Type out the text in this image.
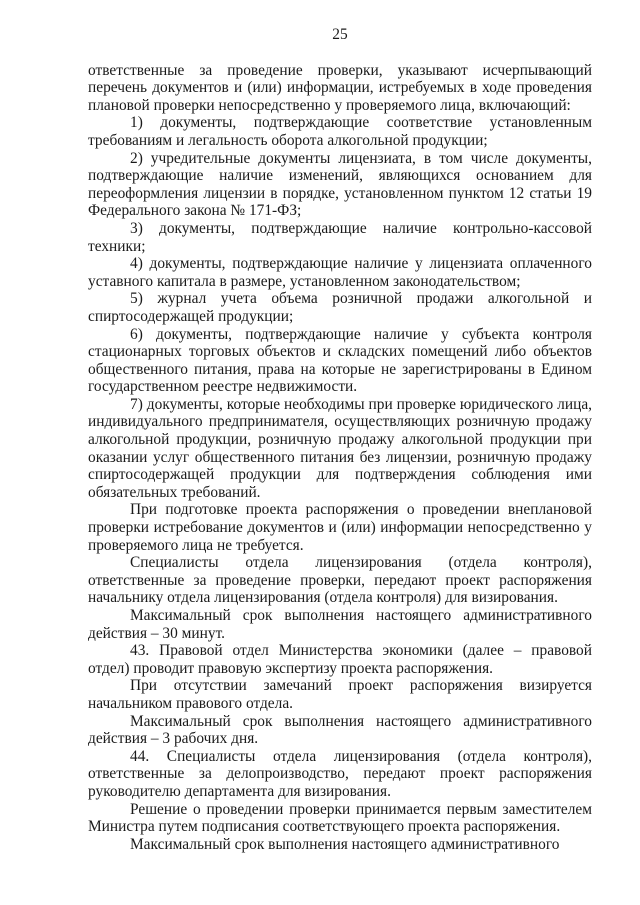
25

ответственные за проведение проверки, указывают исчерпывающий перечень документов и (или) информации, истребуемых в ходе проведения плановой проверки непосредственно у проверяемого лица, включающий:

1) документы, подтверждающие соответствие установленным требованиям и легальность оборота алкогольной продукции;

2) учредительные документы лицензиата, в том числе документы, подтверждающие наличие изменений, являющихся основанием для переоформления лицензии в порядке, установленном пунктом 12 статьи 19 Федерального закона № 171-ФЗ;

3) документы, подтверждающие наличие контрольно-кассовой техники;

4) документы, подтверждающие наличие у лицензиата оплаченного уставного капитала в размере, установленном законодательством;

5) журнал учета объема розничной продажи алкогольной и спиртосодержащей продукции;

6) документы, подтверждающие наличие у субъекта контроля стационарных торговых объектов и складских помещений либо объектов общественного питания, права на которые не зарегистрированы в Едином государственном реестре недвижимости.

7) документы, которые необходимы при проверке юридического лица, индивидуального предпринимателя, осуществляющих розничную продажу алкогольной продукции, розничную продажу алкогольной продукции при оказании услуг общественного питания без лицензии, розничную продажу спиртосодержащей продукции для подтверждения соблюдения ими обязательных требований.

При подготовке проекта распоряжения о проведении внеплановой проверки истребование документов и (или) информации непосредственно у проверяемого лица не требуется.

Специалисты отдела лицензирования (отдела контроля), ответственные за проведение проверки, передают проект распоряжения начальнику отдела лицензирования (отдела контроля) для визирования.

Максимальный срок выполнения настоящего административного действия – 30 минут.

43. Правовой отдел Министерства экономики (далее – правовой отдел) проводит правовую экспертизу проекта распоряжения.

При отсутствии замечаний проект распоряжения визируется начальником правового отдела.

Максимальный срок выполнения настоящего административного действия – 3 рабочих дня.

44. Специалисты отдела лицензирования (отдела контроля), ответственные за делопроизводство, передают проект распоряжения руководителю департамента для визирования.

Решение о проведении проверки принимается первым заместителем Министра путем подписания соответствующего проекта распоряжения.

Максимальный срок выполнения настоящего административного
